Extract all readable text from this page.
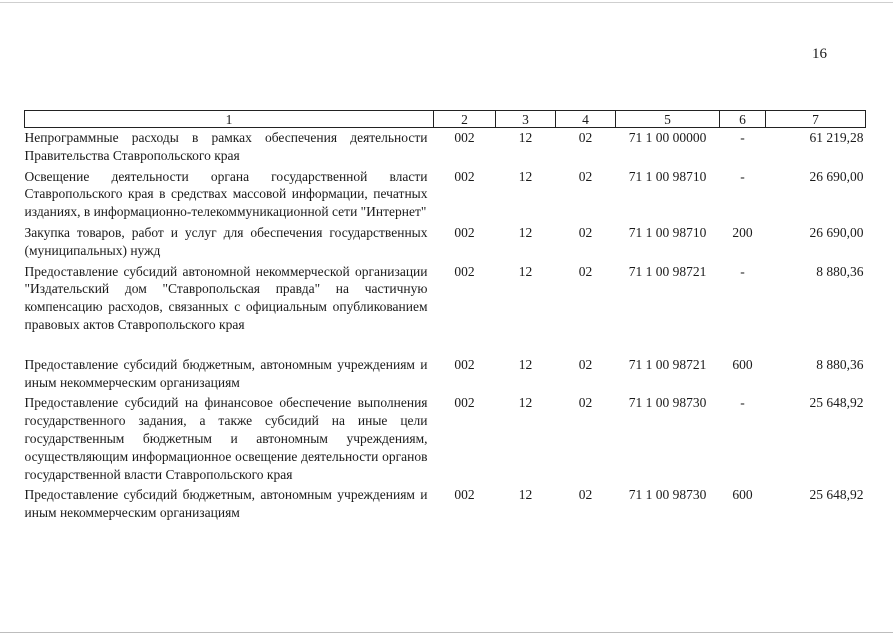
16
1	2	3	4	5	6	7
Непрограммные расходы в рамках обеспечения деятельности Правительства Ставропольского края	002	12	02	71 1 00 00000	-	61 219,28
Освещение деятельности органа государственной власти Ставропольского края в средствах массовой информации, печатных изданиях, в информационно-телекоммуникационной сети "Интернет"	002	12	02	71 1 00 98710	-	26 690,00
Закупка товаров, работ и услуг для обеспечения государственных (муниципальных) нужд	002	12	02	71 1 00 98710	200	26 690,00
Предоставление субсидий автономной некоммерческой организации "Издательский дом "Ставропольская правда" на частичную компенсацию расходов, связанных с официальным опубликованием правовых актов Ставропольского края	002	12	02	71 1 00 98721	-	8 880,36
Предоставление субсидий бюджетным, автономным учреждениям и иным некоммерческим организациям	002	12	02	71 1 00 98721	600	8 880,36
Предоставление субсидий на финансовое обеспечение выполнения государственного задания, а также субсидий на иные цели государственным бюджетным и автономным учреждениям, осуществляющим информационное освещение деятельности органов государственной власти Ставропольского края	002	12	02	71 1 00 98730	-	25 648,92
Предоставление субсидий бюджетным, автономным учреждениям и иным некоммерческим организациям	002	12	02	71 1 00 98730	600	25 648,92
